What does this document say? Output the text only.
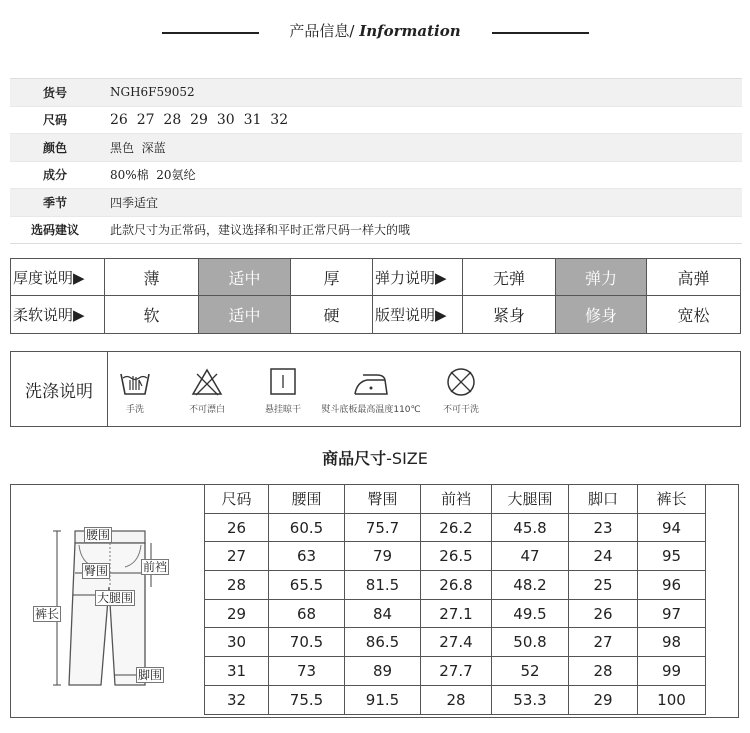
产品信息/ Information
货号	NGH6F59052
尺码	26  27  28  29  30  31  32
颜色	黑色  深蓝
成分	80%棉  20氨纶
季节	四季适宜
选码建议	此款尺寸为正常码，建议选择和平时正常尺码一样大的哦
厚度说明▶	薄	适中	厚	弹力说明▶	无弹	弹力	高弹
柔软说明▶	软	适中	硬	版型说明▶	紧身	修身	宽松
洗涤说明
手洗	不可漂白	悬挂晾干	熨斗底板最高温度110℃	不可干洗
商品尺寸-SIZE
腰围
臀围	前裆
大腿围
裤长
脚围
尺码	腰围	臀围	前裆	大腿围	脚口	裤长
26	60.5	75.7	26.2	45.8	23	94
27	63	79	26.5	47	24	95
28	65.5	81.5	26.8	48.2	25	96
29	68	84	27.1	49.5	26	97
30	70.5	86.5	27.4	50.8	27	98
31	73	89	27.7	52	28	99
32	75.5	91.5	28	53.3	29	100
